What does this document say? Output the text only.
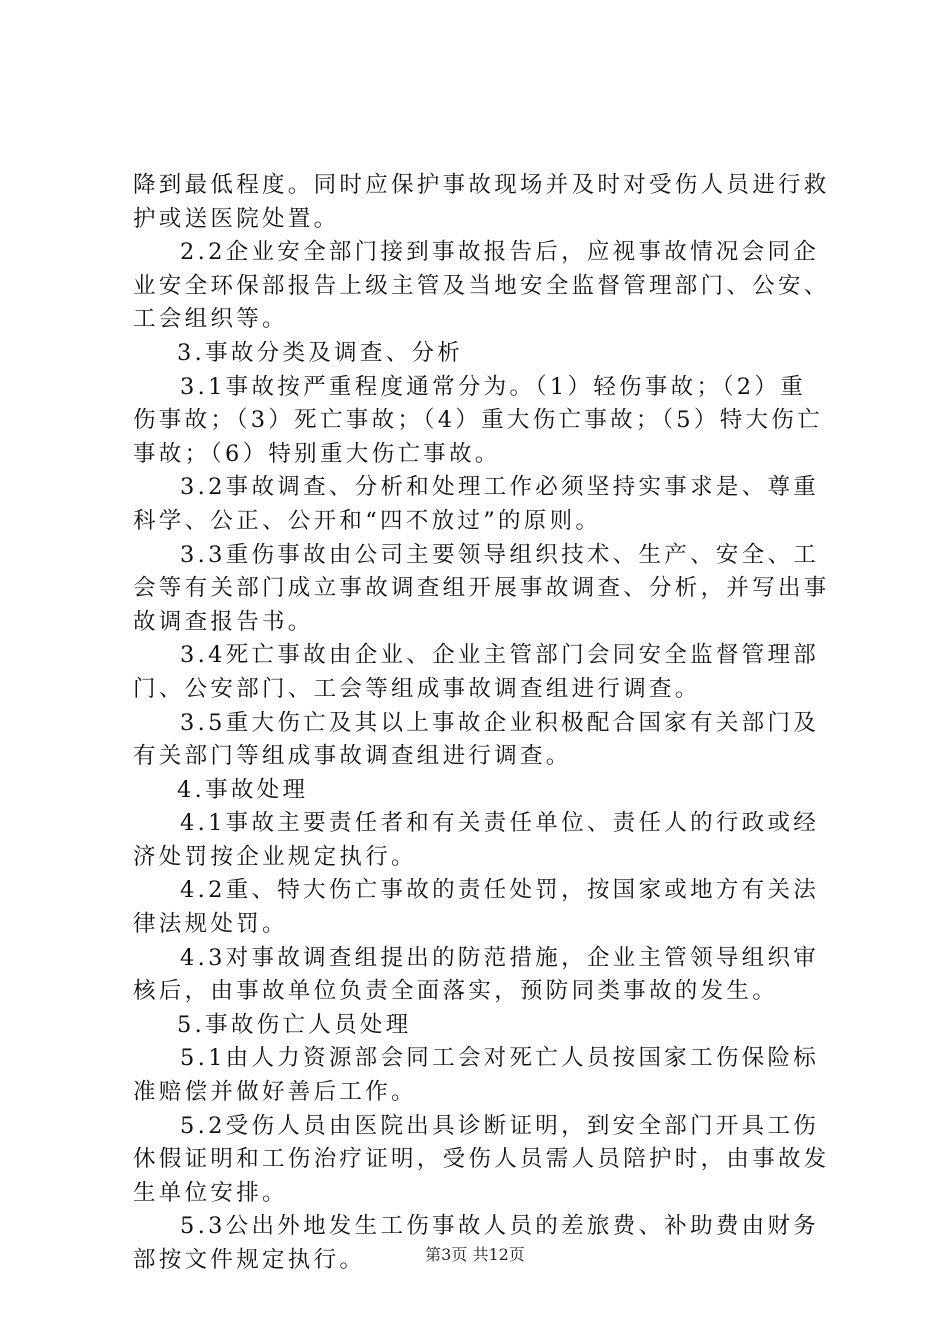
降到最低程度。同时应保护事故现场并及时对受伤人员进行救
护或送医院处置。
2.2企业安全部门接到事故报告后，应视事故情况会同企
业安全环保部报告上级主管及当地安全监督管理部门、公安、
工会组织等。
3.事故分类及调查、分析
3.1事故按严重程度通常分为。（1）轻伤事故；（2）重
伤事故；（3）死亡事故；（4）重大伤亡事故；（5）特大伤亡
事故；（6）特别重大伤亡事故。
3.2事故调查、分析和处理工作必须坚持实事求是、尊重
科学、公正、公开和“四不放过”的原则。
3.3重伤事故由公司主要领导组织技术、生产、安全、工
会等有关部门成立事故调查组开展事故调查、分析，并写出事
故调查报告书。
3.4死亡事故由企业、企业主管部门会同安全监督管理部
门、公安部门、工会等组成事故调查组进行调查。
3.5重大伤亡及其以上事故企业积极配合国家有关部门及
有关部门等组成事故调查组进行调查。
4.事故处理
4.1事故主要责任者和有关责任单位、责任人的行政或经
济处罚按企业规定执行。
4.2重、特大伤亡事故的责任处罚，按国家或地方有关法
律法规处罚。
4.3对事故调查组提出的防范措施，企业主管领导组织审
核后，由事故单位负责全面落实，预防同类事故的发生。
5.事故伤亡人员处理
5.1由人力资源部会同工会对死亡人员按国家工伤保险标
准赔偿并做好善后工作。
5.2受伤人员由医院出具诊断证明，到安全部门开具工伤
休假证明和工伤治疗证明，受伤人员需人员陪护时，由事故发
生单位安排。
5.3公出外地发生工伤事故人员的差旅费、补助费由财务
部按文件规定执行。	第3页 共12页
